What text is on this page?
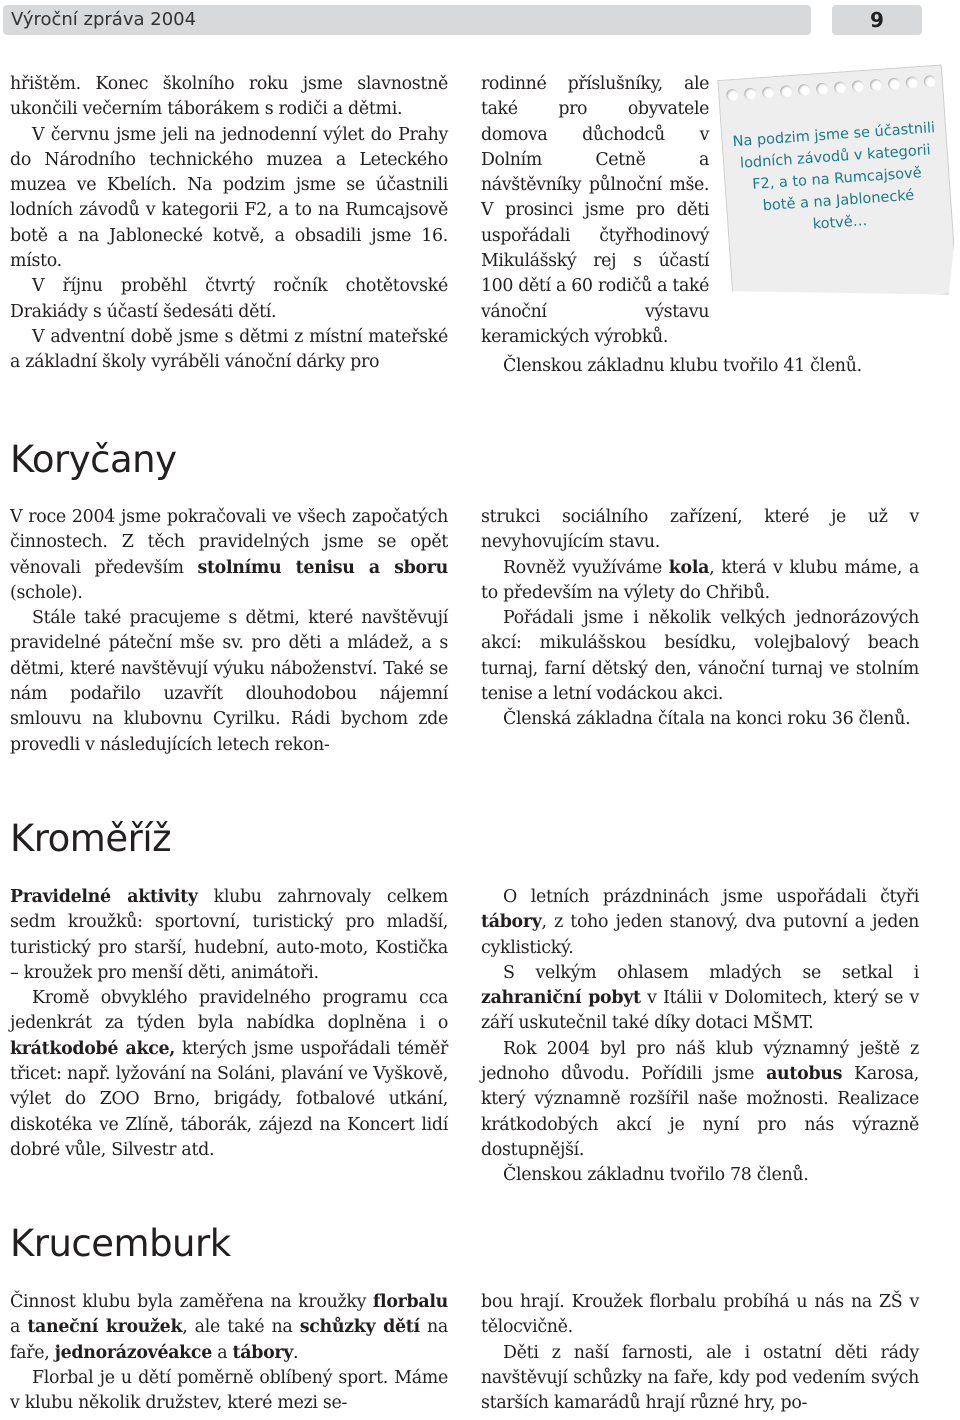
Výroční zpráva 2004	9

hřištěm. Konec školního roku jsme slavnostně ukončili večerním táborákem s rodiči a dětmi.

V červnu jsme jeli na jednodenní výlet do Prahy do Národního technického muzea a Leteckého muzea ve Kbelích. Na podzim jsme se účastnili lodních závodů v kategorii F2, a to na Rumcajsově botě a na Jablonecké kotvě, a obsadili jsme 16. místo.

V říjnu proběhl čtvrtý ročník chotětovské Drakiády s účastí šedesáti dětí.

V adventní době jsme s dětmi z místní mateřské a základní školy vyráběli vánoční dárky pro

rodinné příslušníky, ale také pro obyvatele domova důchodců v Dolním Cetně a návštěvníky půlnoční mše. V prosinci jsme pro děti uspořádali čtyřhodinový Mikulášský rej s účastí 100 dětí a 60 rodičů a také vánoční výstavu keramických výrobků.

Členskou základnu klubu tvořilo 41 členů.
Na podzim jsme se účastnili lodních závodů v kategorii F2, a to na Rumcajsově botě a na Jablonecké kotvě…
Koryčany

V roce 2004 jsme pokračovali ve všech započatých činnostech. Z těch pravidelných jsme se opět věnovali především stolnímu tenisu a sboru (schole).

Stále také pracujeme s dětmi, které navštěvují pravidelné páteční mše sv. pro děti a mládež, a s dětmi, které navštěvují výuku náboženství. Také se nám podařilo uzavřít dlouhodobou nájemní smlouvu na klubovnu Cyrilku. Rádi bychom zde provedli v následujících letech rekon-

strukci sociálního zařízení, které je už v nevyhovujícím stavu.

Rovněž využíváme kola, která v klubu máme, a to především na výlety do Chřibů.

Pořádali jsme i několik velkých jednorázových akcí: mikulášskou besídku, volejbalový beach turnaj, farní dětský den, vánoční turnaj ve stolním tenise a letní vodáckou akci.

Členská základna čítala na konci roku 36 členů.

Kroměříž

Pravidelné aktivity klubu zahrnovaly celkem sedm kroužků: sportovní, turistický pro mladší, turistický pro starší, hudební, auto-moto, Kostička – kroužek pro menší děti, animátoři.

Kromě obvyklého pravidelného programu cca jedenkrát za týden byla nabídka doplněna i o krátkodobé akce, kterých jsme uspořádali téměř třicet: např. lyžování na Soláni, plavání ve Vyškově, výlet do ZOO Brno, brigády, fotbalové utkání, diskotéka ve Zlíně, táborák, zájezd na Koncert lidí dobré vůle, Silvestr atd.

O letních prázdninách jsme uspořádali čtyři tábory, z toho jeden stanový, dva putovní a jeden cyklistický.

S velkým ohlasem mladých se setkal i zahraniční pobyt v Itálii v Dolomitech, který se v září uskutečnil také díky dotaci MŠMT.

Rok 2004 byl pro náš klub významný ještě z jednoho důvodu. Pořídili jsme autobus Karosa, který významně rozšířil naše možnosti. Realizace krátkodobých akcí je nyní pro nás výrazně dostupnější.

Členskou základnu tvořilo 78 členů.

Krucemburk

Činnost klubu byla zaměřena na kroužky florbalu a taneční kroužek, ale také na schůzky dětí na faře, jednorázovéakce a tábory.

Florbal je u dětí poměrně oblíbený sport. Máme v klubu několik družstev, které mezi se-

bou hrají. Kroužek florbalu probíhá u nás na ZŠ v tělocvičně.

Děti z naší farnosti, ale i ostatní děti rády navštěvují schůzky na faře, kdy pod vedením svých starších kamarádů hrají různé hry, po-
